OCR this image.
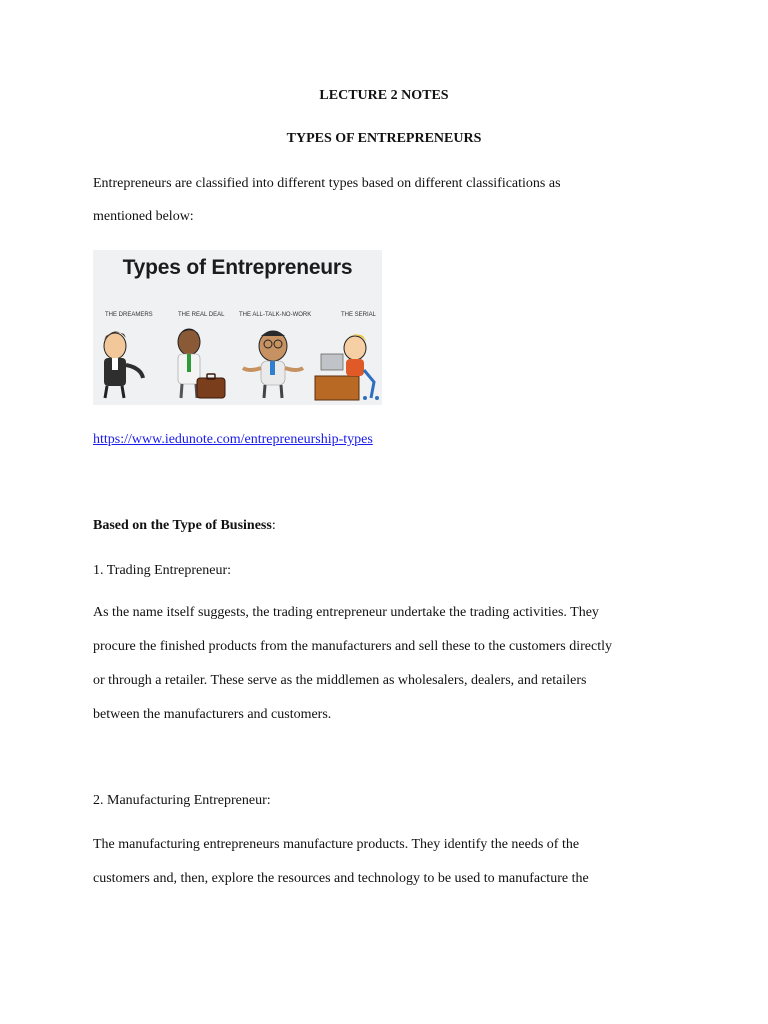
LECTURE 2 NOTES
TYPES OF ENTREPRENEURS
Entrepreneurs are classified into different types based on different classifications as
mentioned below:
Types of Entrepreneurs
THE DREAMERS	THE REAL DEAL THE ALL-TALK-NO-WORK	THE SERIAL
https://www.iedunote.com/entrepreneurship-types
Based on the Type of Business:
1. Trading Entrepreneur:
As the name itself suggests, the trading entrepreneur undertake the trading activities. They
procure the finished products from the manufacturers and sell these to the customers directly
or through a retailer. These serve as the middlemen as wholesalers, dealers, and retailers
between the manufacturers and customers.
2. Manufacturing Entrepreneur:
The manufacturing entrepreneurs manufacture products. They identify the needs of the
customers and, then, explore the resources and technology to be used to manufacture the
